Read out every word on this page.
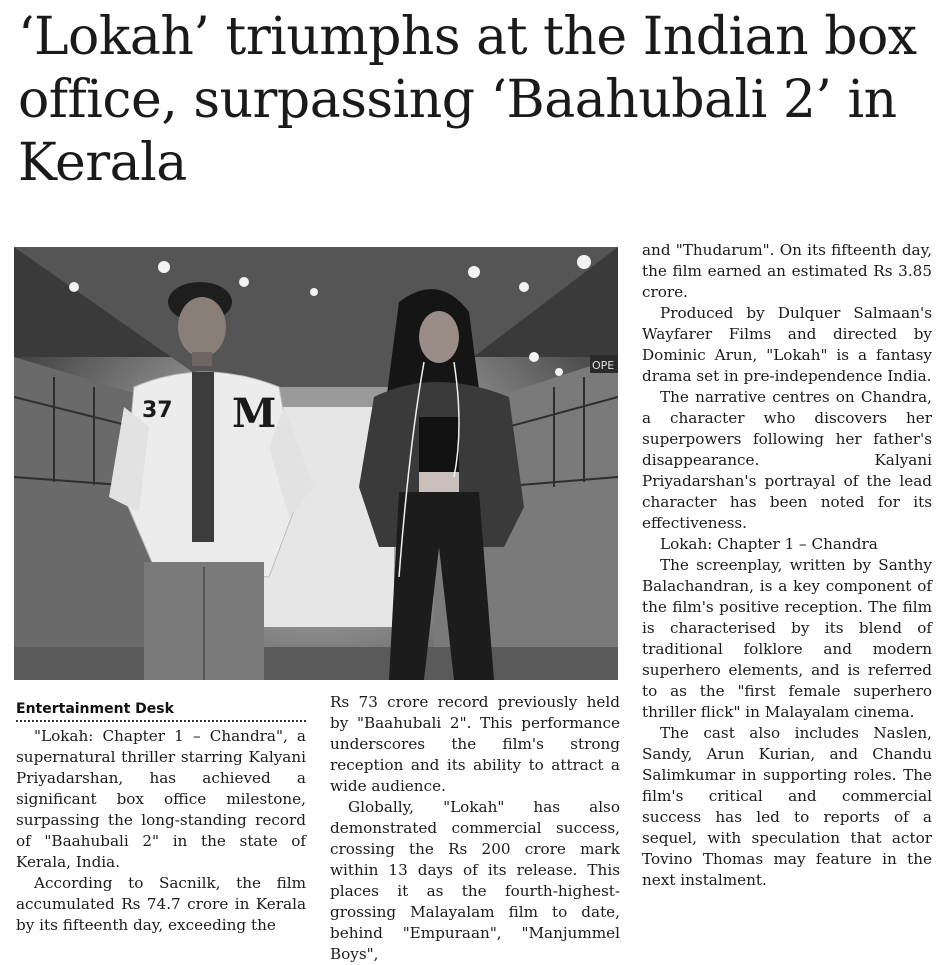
‘Lokah’ triumphs at the Indian box office, surpassing ‘Baahubali 2’ in Kerala
OPE
37 M
Entertainment Desk

"Lokah: Chapter 1 – Chandra", a supernatural thriller starring Kalyani Priyadarshan, has achieved a significant box office milestone, surpassing the long-standing record of "Baahubali 2" in the state of Kerala, India.

According to Sacnilk, the film accumulated Rs 74.7 crore in Kerala by its fifteenth day, exceeding the

Rs 73 crore record previously held by "Baahubali 2". This performance underscores the film's strong reception and its ability to attract a wide audience.

Globally, "Lokah" has also demonstrated commercial success, crossing the Rs 200 crore mark within 13 days of its release. This places it as the fourth-highest-grossing Malayalam film to date, behind "Empuraan", "Manjummel Boys",

and "Thudarum". On its fifteenth day, the film earned an estimated Rs 3.85 crore.

Produced by Dulquer Salmaan's Wayfarer Films and directed by Dominic Arun, "Lokah" is a fantasy drama set in pre-independence India.

The narrative centres on Chandra, a character who discovers her superpowers following her father's disappearance. Kalyani Priyadarshan's portrayal of the lead character has been noted for its effectiveness.

Lokah: Chapter 1 – Chandra

The screenplay, written by Santhy Balachandran, is a key component of the film's positive reception. The film is characterised by its blend of traditional folklore and modern superhero elements, and is referred to as the "first female superhero thriller flick" in Malayalam cinema.

The cast also includes Naslen, Sandy, Arun Kurian, and Chandu Salimkumar in supporting roles. The film's critical and commercial success has led to reports of a sequel, with speculation that actor Tovino Thomas may feature in the next instalment.
